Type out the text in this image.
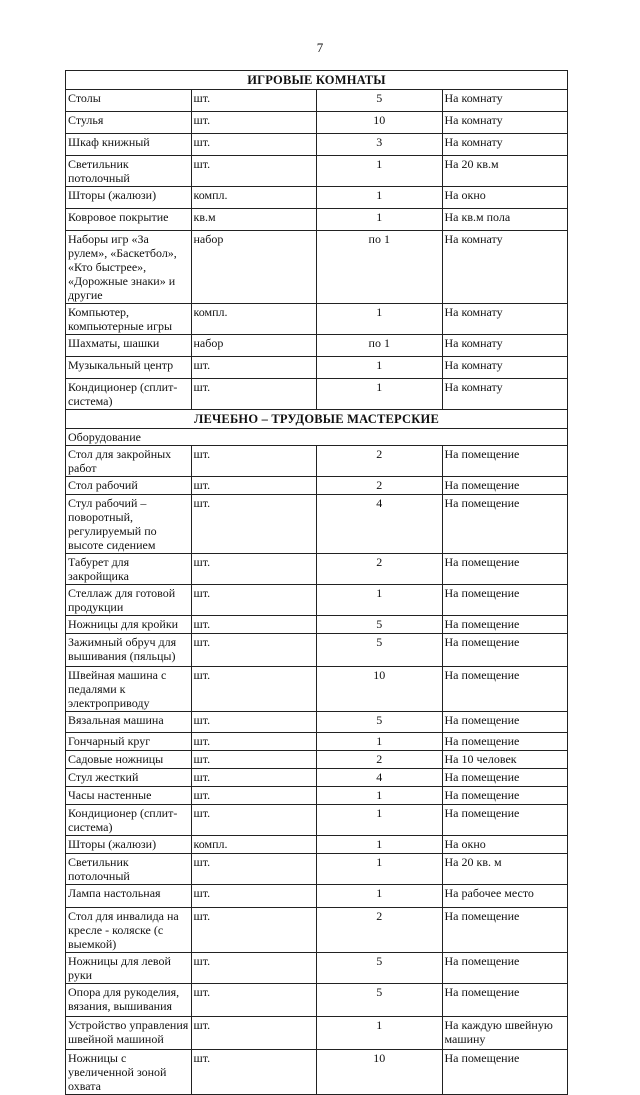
7
ИГРОВЫЕ КОМНАТЫ			
Столы	шт.	5	На комнату
Стулья	шт.	10	На комнату
Шкаф книжный	шт.	3	На комнату
Светильник потолочный	шт.	1	На 20 кв.м
Шторы (жалюзи)	компл.	1	На окно
Ковровое покрытие	кв.м	1	На кв.м пола
Наборы игр «За рулем», «Баскетбол», «Кто быстрее», «Дорожные знаки» и другие	набор	по 1	На комнату
Компьютер, компьютерные игры	компл.	1	На комнату
Шахматы, шашки	набор	по 1	На комнату
Музыкальный центр	шт.	1	На комнату
Кондиционер (сплит-система)	шт.	1	На комнату
ЛЕЧЕБНО – ТРУДОВЫЕ МАСТЕРСКИЕ			
Оборудование			
Стол для закройных работ	шт.	2	На помещение
Стол рабочий	шт.	2	На помещение
Стул рабочий – поворотный, регулируемый по высоте сидением	шт.	4	На помещение
Табурет для закройщика	шт.	2	На помещение
Стеллаж для готовой продукции	шт.	1	На помещение
Ножницы для кройки	шт.	5	На помещение
Зажимный обруч для вышивания (пяльцы)	шт.	5	На помещение
Швейная машина с педалями к электроприводу	шт.	10	На помещение
Вязальная машина	шт.	5	На помещение
Гончарный круг	шт.	1	На помещение
Садовые ножницы	шт.	2	На 10 человек
Стул жесткий	шт.	4	На помещение
Часы настенные	шт.	1	На помещение
Кондиционер (сплит-система)	шт.	1	На помещение
Шторы (жалюзи)	компл.	1	На окно
Светильник потолочный	шт.	1	На 20 кв. м
Лампа настольная	шт.	1	На рабочее место
Стол для инвалида на кресле - коляске (с выемкой)	шт.	2	На помещение
Ножницы для левой руки	шт.	5	На помещение
Опора для рукоделия, вязания, вышивания	шт.	5	На помещение
Устройство управления швейной машиной	шт.	1	На каждую швейную машину
Ножницы с увеличенной зоной охвата	шт.	10	На помещение
